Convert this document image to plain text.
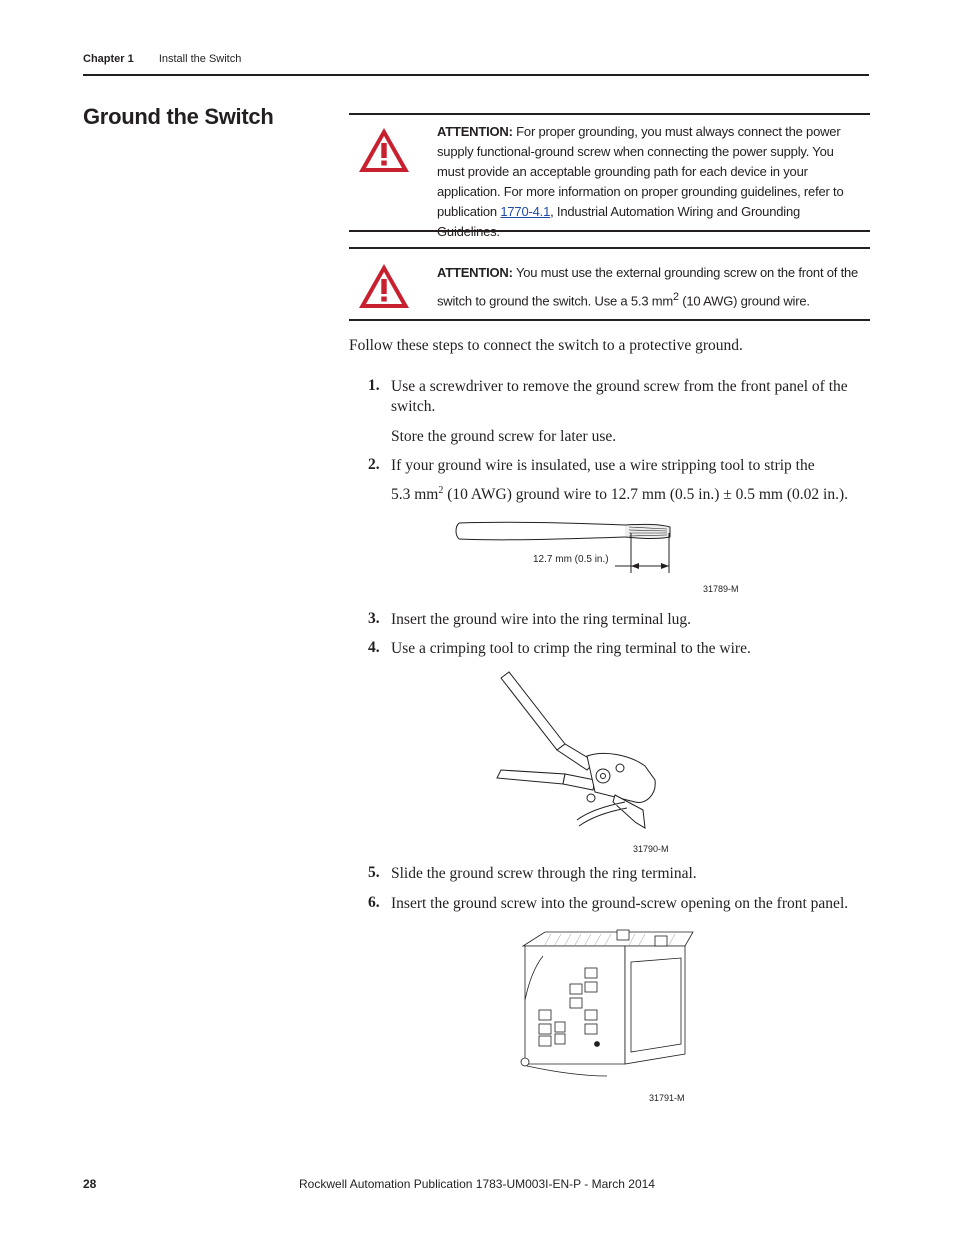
Chapter 1 Install the Switch
Ground the Switch
ATTENTION: For proper grounding, you must always connect the power supply functional-ground screw when connecting the power supply. You must provide an acceptable grounding path for each device in your application. For more information on proper grounding guidelines, refer to publication 1770-4.1, Industrial Automation Wiring and Grounding Guidelines.
ATTENTION: You must use the external grounding screw on the front of the switch to ground the switch. Use a 5.3 $mm^2$ (10 AWG) ground wire.
Follow these steps to connect the switch to a protective ground.
1. Use a screwdriver to remove the ground screw from the front panel of the switch.
Store the ground screw for later use.
2. If your ground wire is insulated, use a wire stripping tool to strip the
5.3 $mm^2$ (10 AWG) ground wire to 12.7 mm (0.5 in.) ± 0.5 mm (0.02 in.).
12.7 mm (0.5 in.)
31789-M
3. Insert the ground wire into the ring terminal lug.
4. Use a crimping tool to crimp the ring terminal to the wire.
31790-M
5. Slide the ground screw through the ring terminal.
6. Insert the ground screw into the ground-screw opening on the front panel.
31791-M
28	Rockwell Automation Publication 1783-UM003I-EN-P - March 2014
